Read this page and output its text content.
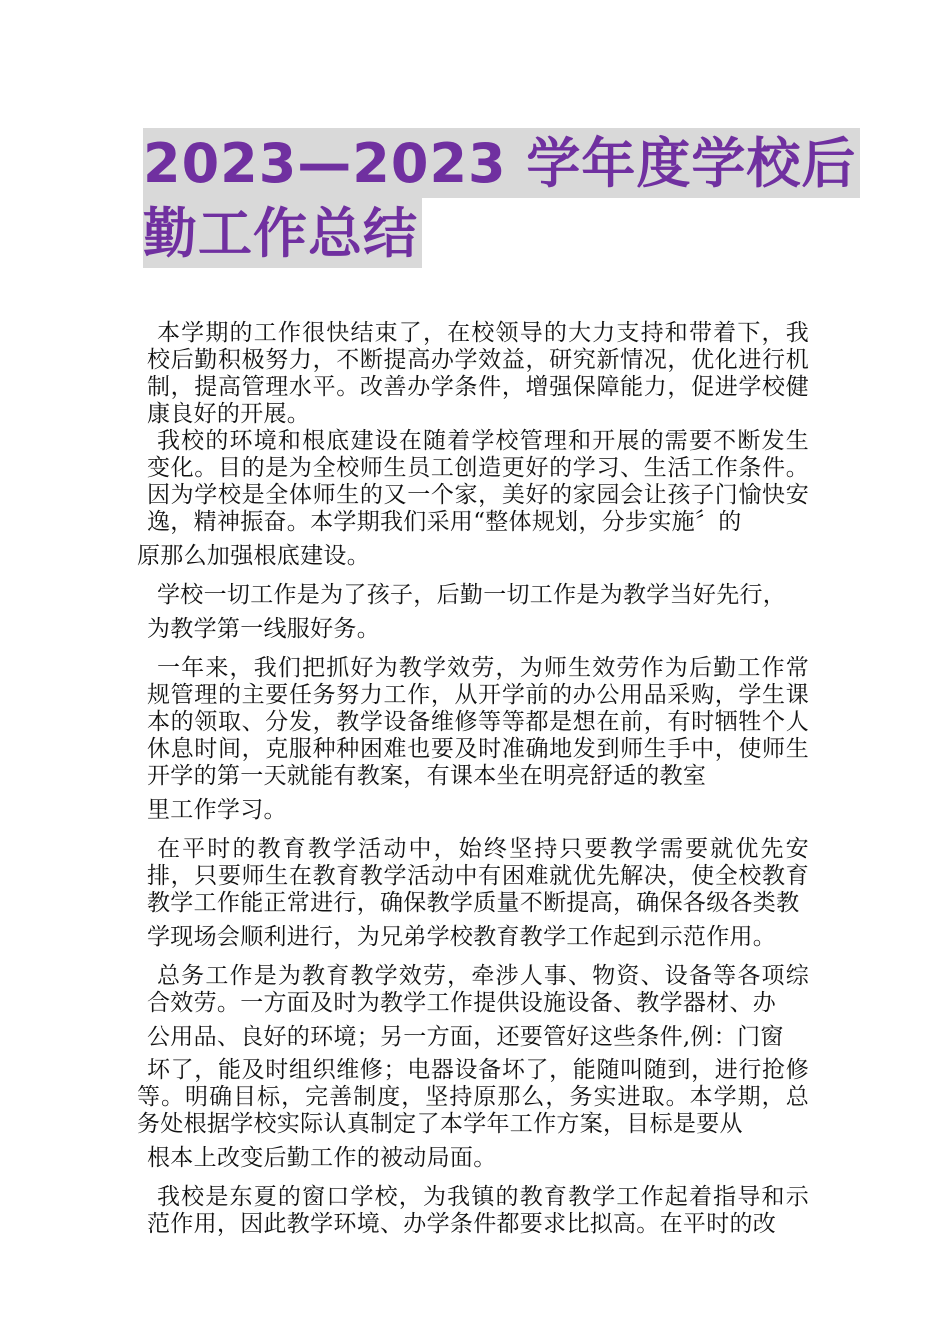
2023—2023 学年度学校后
勤工作总结

本学期的工作很快结束了，在校领导的大力支持和带着下，我校后勤积极努力，不断提高办学效益，研究新情况，优化进行机制，提高管理水平。改善办学条件，增强保障能力，促进学校健康良好的开展。

我校的环境和根底建设在随着学校管理和开展的需要不断发生变化。目的是为全校师生员工创造更好的学习、生活工作条件。因为学校是全体师生的又一个家，美好的家园会让孩子门愉快安逸，精神振奋。本学期我们采用“整体规划，分步实施〞的
原那么加强根底建设。

学校一切工作是为了孩子，后勤一切工作是为教学当好先行，
为教学第一线服好务。

一年来，我们把抓好为教学效劳，为师生效劳作为后勤工作常规管理的主要任务努力工作，从开学前的办公用品采购，学生课本的领取、分发，教学设备维修等等都是想在前，有时牺牲个人休息时间，克服种种困难也要及时准确地发到师生手中，使师生开学的第一天就能有教案，有课本坐在明亮舒适的教室
里工作学习。

在平时的教育教学活动中，始终坚持只要教学需要就优先安排，只要师生在教育教学活动中有困难就优先解决，使全校教育教学工作能正常进行，确保教学质量不断提高，确保各级各类教
学现场会顺利进行，为兄弟学校教育教学工作起到示范作用。

总务工作是为教育教学效劳，牵涉人事、物资、设备等各项综合效劳。一方面及时为教学工作提供设施设备、教学器材、办
公用品、良好的环境；另一方面，还要管好这些条件,例：门窗
坏了，能及时组织维修；电器设备坏了，能随叫随到，进行抢修等。明确目标，完善制度，坚持原那么，务实进取。本学期，总务处根据学校实际认真制定了本学年工作方案，目标是要从
根本上改变后勤工作的被动局面。

我校是东夏的窗口学校，为我镇的教育教学工作起着指导和示范作用，因此教学环境、办学条件都要求比拟高。在平时的改
